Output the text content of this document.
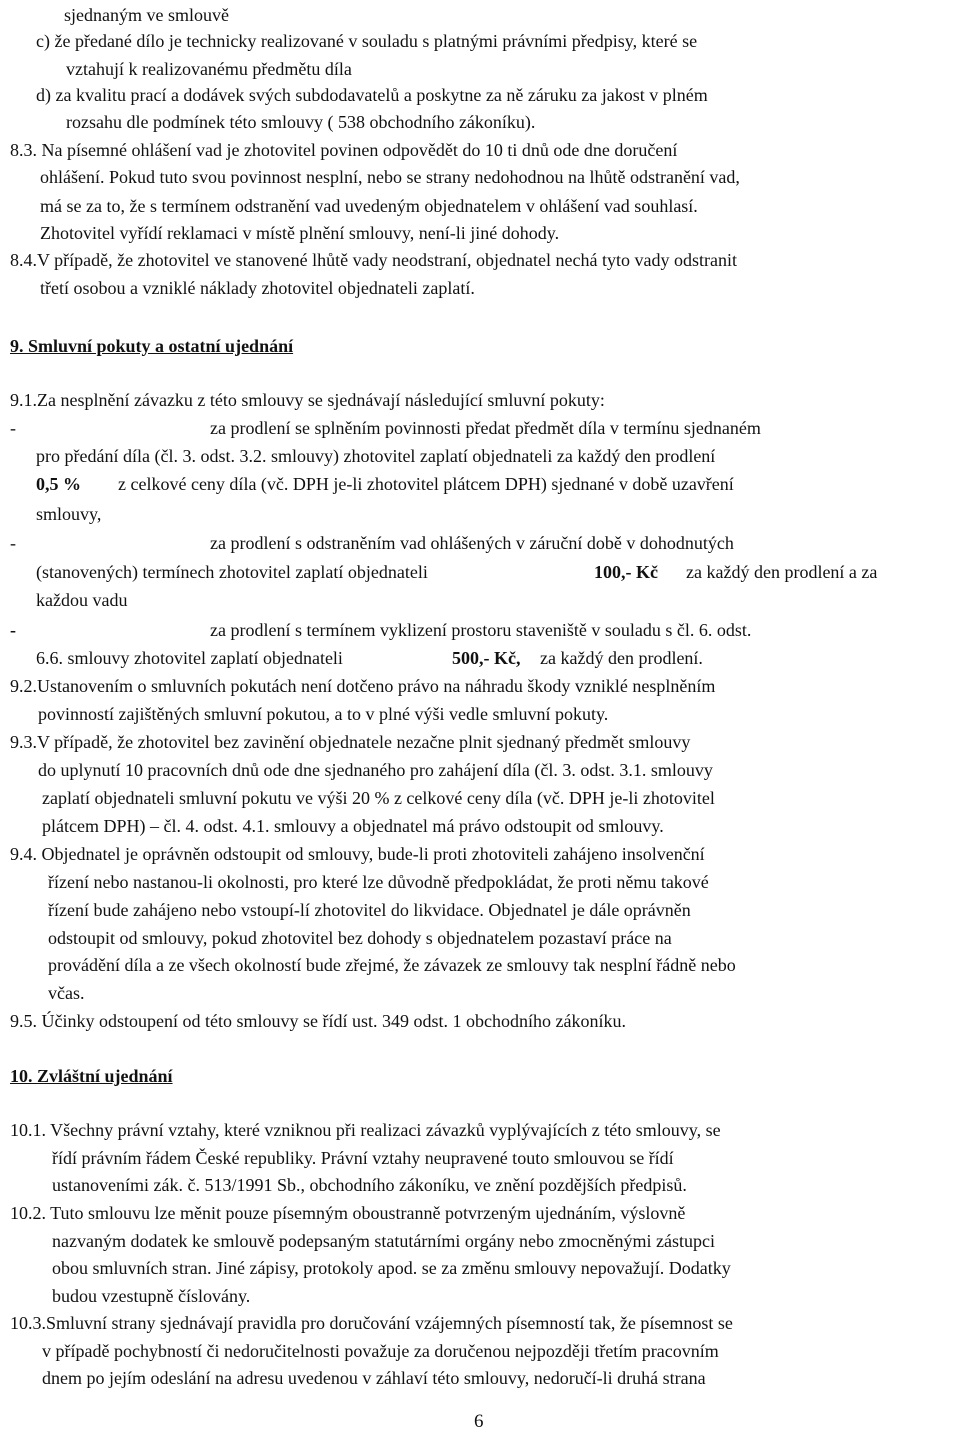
sjednaným ve smlouvě
c) že předané dílo je technicky realizované v souladu s platnými právními předpisy, které se
vztahují k realizovanému předmětu díla
d) za kvalitu prací a dodávek svých subdodavatelů a poskytne za ně záruku za jakost v plném
rozsahu dle podmínek této smlouvy ( 538 obchodního zákoníku).
8.3. Na písemné ohlášení vad je zhotovitel povinen odpovědět do 10 ti dnů ode dne doručení
ohlášení. Pokud tuto svou povinnost nesplní, nebo se strany nedohodnou na lhůtě odstranění vad,
má se za to, že s termínem odstranění vad uvedeným objednatelem v ohlášení vad souhlasí.
Zhotovitel vyřídí reklamaci v místě plnění smlouvy, není-li jiné dohody.
8.4.V případě, že zhotovitel ve stanovené lhůtě vady neodstraní, objednatel nechá tyto vady odstranit
třetí osobou a vzniklé náklady zhotovitel objednateli zaplatí.
9. Smluvní pokuty a ostatní ujednání
9.1.Za nesplnění závazku z této smlouvy se sjednávají následující smluvní pokuty:
-	za prodlení se splněním povinnosti předat předmět díla v termínu sjednaném
pro předání díla (čl. 3. odst. 3.2. smlouvy) zhotovitel zaplatí objednateli za každý den prodlení
0,5 % z celkové ceny díla (vč. DPH je-li zhotovitel plátcem DPH) sjednané v době uzavření
smlouvy,
-	za prodlení s odstraněním vad ohlášených v záruční době v dohodnutých
(stanovených) termínech zhotovitel zaplatí objednateli	100,- Kč za každý den prodlení a za
každou vadu
-	za prodlení s termínem vyklizení prostoru staveniště v souladu s čl. 6. odst.
6.6. smlouvy zhotovitel zaplatí objednateli	500,- Kč, za každý den prodlení.
9.2.Ustanovením o smluvních pokutách není dotčeno právo na náhradu škody vzniklé nesplněním
povinností zajištěných smluvní pokutou, a to v plné výši vedle smluvní pokuty.
9.3.V případě, že zhotovitel bez zavinění objednatele nezačne plnit sjednaný předmět smlouvy
do uplynutí 10 pracovních dnů ode dne sjednaného pro zahájení díla (čl. 3. odst. 3.1. smlouvy
zaplatí objednateli smluvní pokutu ve výši 20 % z celkové ceny díla (vč. DPH je-li zhotovitel
plátcem DPH) – čl. 4. odst. 4.1. smlouvy a objednatel má právo odstoupit od smlouvy.
9.4. Objednatel je oprávněn odstoupit od smlouvy, bude-li proti zhotoviteli zahájeno insolvenční
řízení nebo nastanou-li okolnosti, pro které lze důvodně předpokládat, že proti němu takové
řízení bude zahájeno nebo vstoupí-lí zhotovitel do likvidace. Objednatel je dále oprávněn
odstoupit od smlouvy, pokud zhotovitel bez dohody s objednatelem pozastaví práce na
provádění díla a ze všech okolností bude zřejmé, že závazek ze smlouvy tak nesplní řádně nebo
včas.
9.5. Účinky odstoupení od této smlouvy se řídí ust. 349 odst. 1 obchodního zákoníku.
10. Zvláštní ujednání
10.1. Všechny právní vztahy, které vzniknou při realizaci závazků vyplývajících z této smlouvy, se
řídí právním řádem České republiky. Právní vztahy neupravené touto smlouvou se řídí
ustanoveními zák. č. 513/1991 Sb., obchodního zákoníku, ve znění pozdějších předpisů.
10.2. Tuto smlouvu lze měnit pouze písemným oboustranně potvrzeným ujednáním, výslovně
nazvaným dodatek ke smlouvě podepsaným statutárními orgány nebo zmocněnými zástupci
obou smluvních stran. Jiné zápisy, protokoly apod. se za změnu smlouvy nepovažují. Dodatky
budou vzestupně číslovány.
10.3.Smluvní strany sjednávají pravidla pro doručování vzájemných písemností tak, že písemnost se
v případě pochybností či nedoručitelnosti považuje za doručenou nejpozději třetím pracovním
dnem po jejím odeslání na adresu uvedenou v záhlaví této smlouvy, nedoručí-li druhá strana
6
